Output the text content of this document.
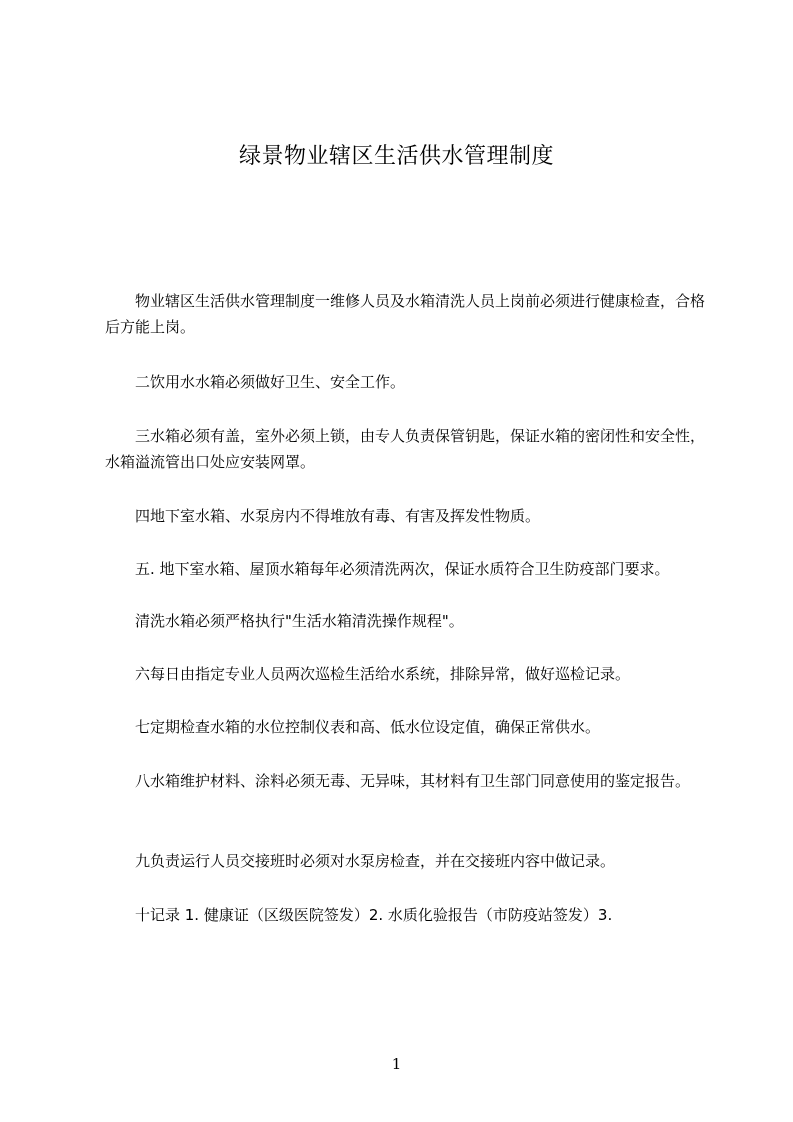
绿景物业辖区生活供水管理制度

物业辖区生活供水管理制度一维修人员及水箱清洗人员上岗前必须进行健康检查，合格后方能上岗。

二饮用水水箱必须做好卫生、安全工作。

三水箱必须有盖，室外必须上锁，由专人负责保管钥匙，保证水箱的密闭性和安全性，水箱溢流管出口处应安装网罩。

四地下室水箱、水泵房内不得堆放有毒、有害及挥发性物质。

五. 地下室水箱、屋顶水箱每年必须清洗两次，保证水质符合卫生防疫部门要求。

清洗水箱必须严格执行"生活水箱清洗操作规程"。

六每日由指定专业人员两次巡检生活给水系统，排除异常，做好巡检记录。

七定期检查水箱的水位控制仪表和高、低水位设定值，确保正常供水。

八水箱维护材料、涂料必须无毒、无异味，其材料有卫生部门同意使用的鉴定报告。

九负责运行人员交接班时必须对水泵房检查，并在交接班内容中做记录。

十记录 1. 健康证（区级医院签发）2. 水质化验报告（市防疫站签发）3.

1
